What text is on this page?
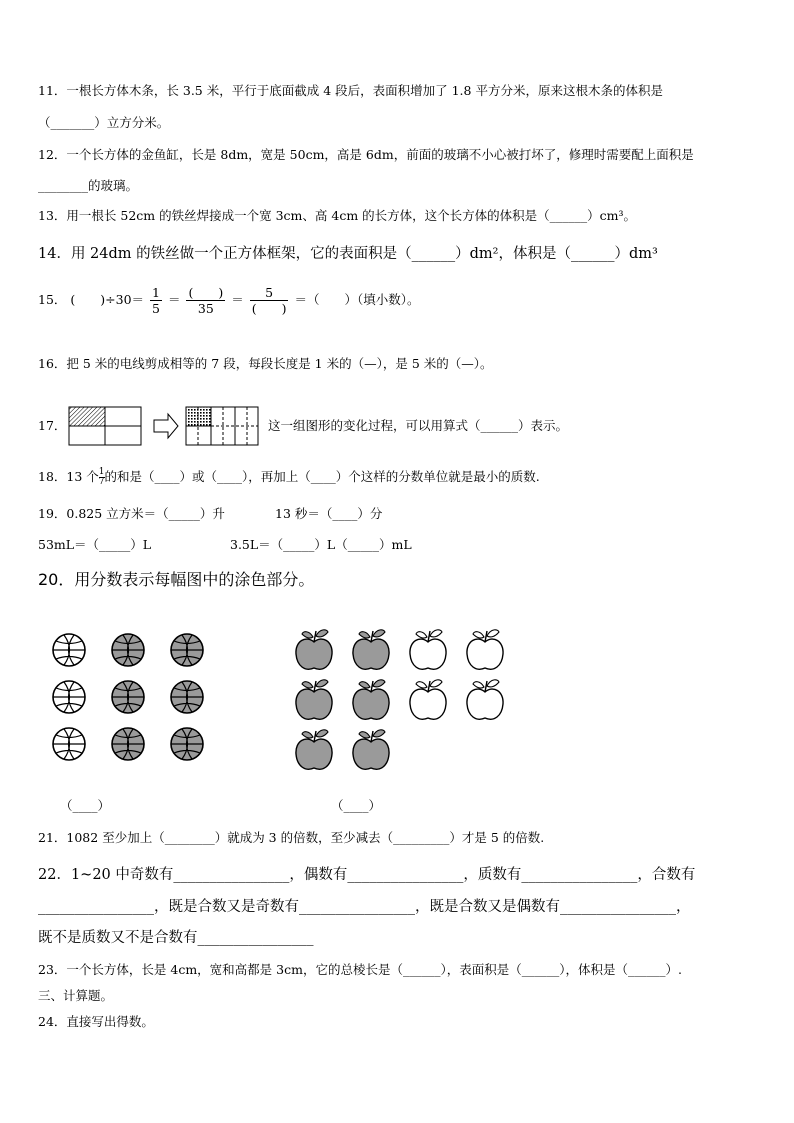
11．一根长方体木条，长 3.5 米，平行于底面截成 4 段后，表面积增加了 1.8 平方分米，原来这根木条的体积是
（_______）立方分米。
12．一个长方体的金鱼缸，长是 8dm，宽是 50cm，高是 6dm，前面的玻璃不小心被打坏了，修理时需要配上面积是
________的玻璃。
13．用一根长 52cm 的铁丝焊接成一个宽 3cm、高 4cm 的长方体，这个长方体的体积是（______）cm³。
14．用 24dm 的铁丝做一个正方体框架，它的表面积是（______）dm²，体积是（______）dm³
15． (　　)$\div 30= \frac{1}{5} = \frac{( )}{35} = \frac{5}{( )}$ ＝（　　）（填小数）。
16．把 5 米的电线剪成相等的 7 段，每段长度是 1 米的（—），是 5 米的（—）。
17．	这一组图形的变化过程，可以用算式（______）表示。
18．13 个 $\frac{1}{7}$的和是（____）或（____），再加上（____）个这样的分数单位就是最小的质数.
19．0.825 立方米＝（_____）升	13 秒＝（____）分
53mL＝（_____）L	3.5L＝（_____）L（_____）mL
20．用分数表示每幅图中的涂色部分。
（____）	（____）
21．1082 至少加上（________）就成为 3 的倍数，至少减去（_________）才是 5 的倍数.
22．1~20 中奇数有________________，偶数有________________，质数有________________，合数有
________________，既是合数又是奇数有________________，既是合数又是偶数有________________，
既不是质数又不是合数有________________
23．一个长方体，长是 4cm，宽和高都是 3cm，它的总棱长是（______），表面积是（______），体积是（______）.
三、计算题。
24．直接写出得数。
